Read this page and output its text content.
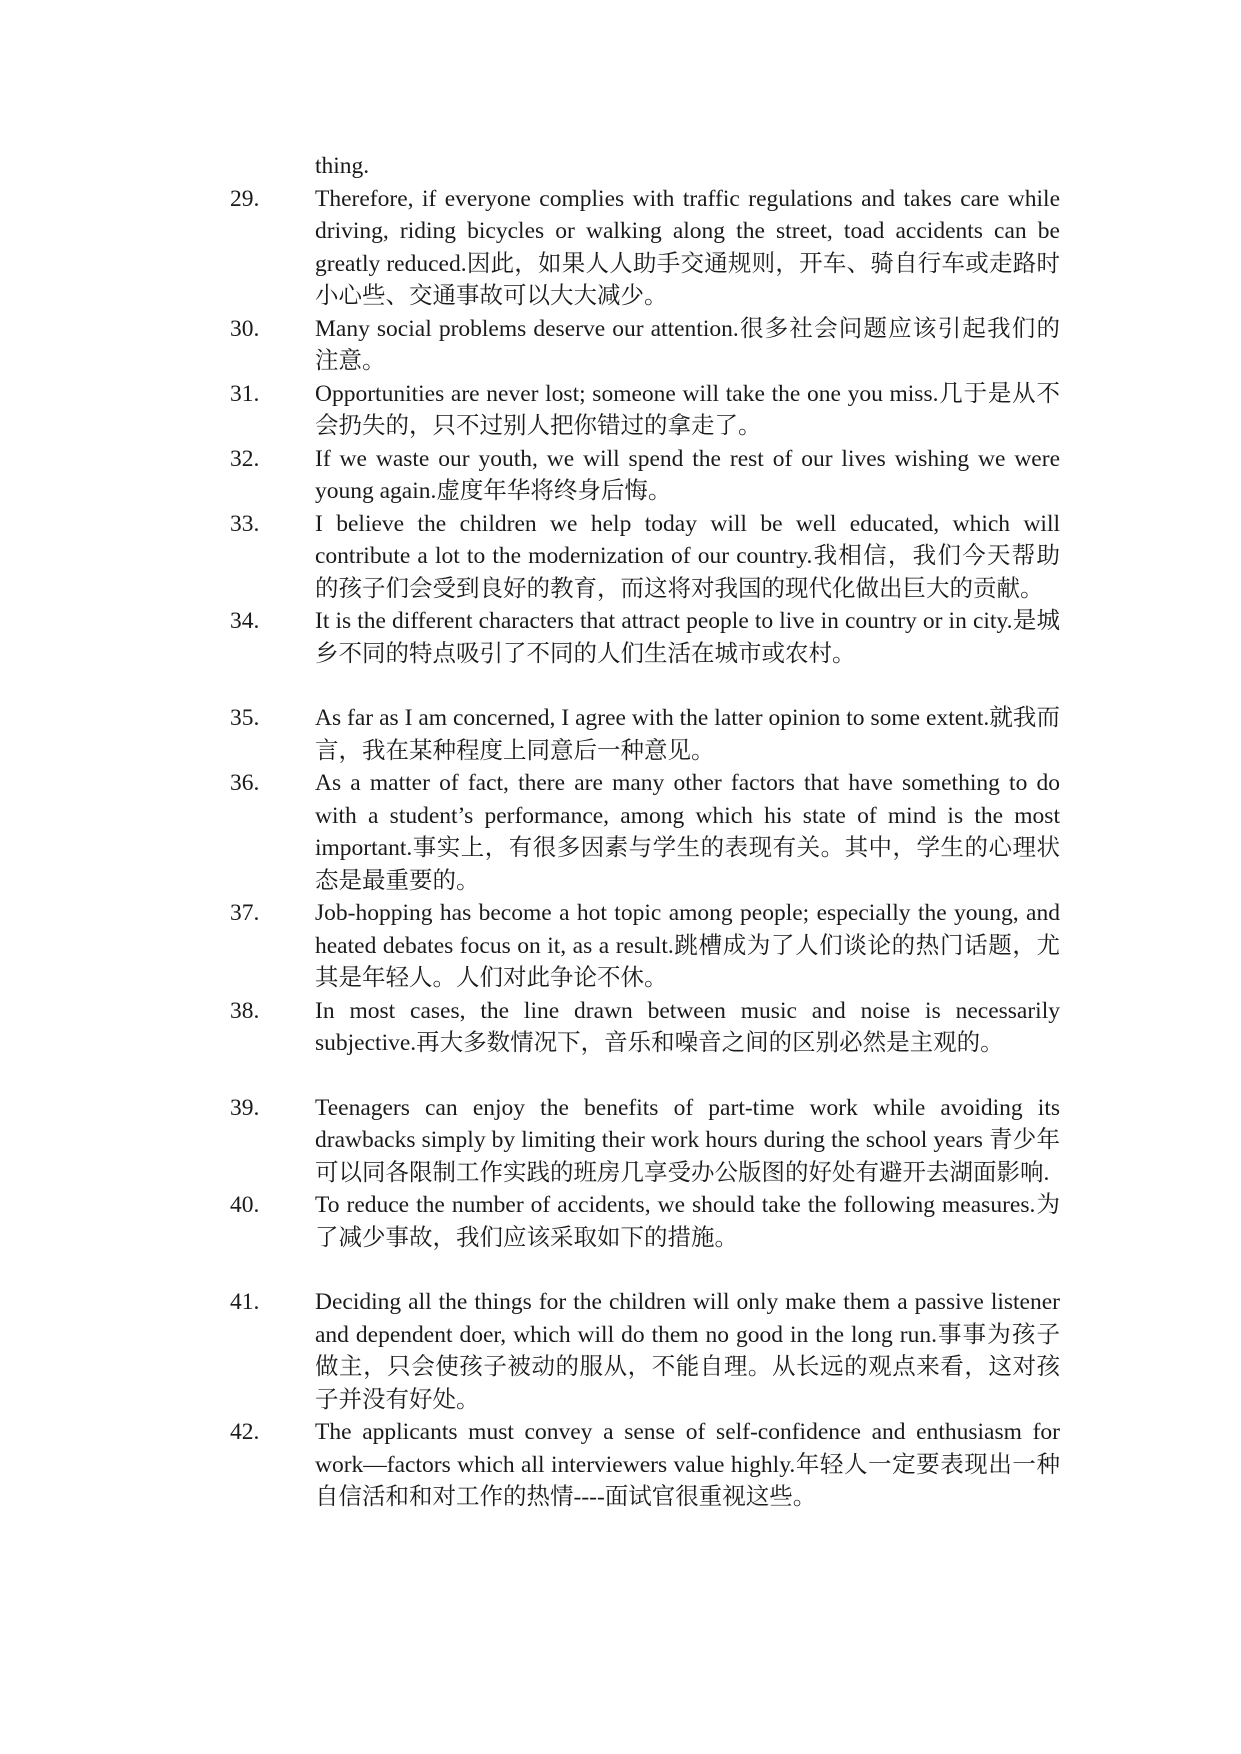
thing.
29.	Therefore, if everyone complies with traffic regulations and takes care while driving, riding bicycles or walking along the street, toad accidents can be greatly reduced.因此，如果人人助手交通规则，开车、骑自行车或走路时小心些、交通事故可以大大减少。
30.	Many social problems deserve our attention.很多社会问题应该引起我们的注意。
31.	Opportunities are never lost; someone will take the one you miss.几于是从不会扔失的，只不过别人把你错过的拿走了。
32.	If we waste our youth, we will spend the rest of our lives wishing we were young again.虚度年华将终身后悔。
33.	I believe the children we help today will be well educated, which will contribute a lot to the modernization of our country.我相信，我们今天帮助的孩子们会受到良好的教育，而这将对我国的现代化做出巨大的贡献。
34.	It is the different characters that attract people to live in country or in city.是城乡不同的特点吸引了不同的人们生活在城市或农村。
35.	As far as I am concerned, I agree with the latter opinion to some extent.就我而言，我在某种程度上同意后一种意见。
36.	As a matter of fact, there are many other factors that have something to do with a student’s performance, among which his state of mind is the most important.事实上，有很多因素与学生的表现有关。其中，学生的心理状态是最重要的。
37.	Job-hopping has become a hot topic among people; especially the young, and heated debates focus on it, as a result.跳槽成为了人们谈论的热门话题，尤其是年轻人。人们对此争论不休。
38.	In most cases, the line drawn between music and noise is necessarily subjective.再大多数情况下，音乐和噪音之间的区别必然是主观的。
39.	Teenagers can enjoy the benefits of part-time work while avoiding its drawbacks simply by limiting their work hours during the school years 青少年可以同各限制工作实践的班房几享受办公版图的好处有避开去湖面影响.
40.	To reduce the number of accidents, we should take the following measures.为了减少事故，我们应该采取如下的措施。
41.	Deciding all the things for the children will only make them a passive listener and dependent doer, which will do them no good in the long run.事事为孩子做主，只会使孩子被动的服从，不能自理。从长远的观点来看，这对孩子并没有好处。
42.	The applicants must convey a sense of self-confidence and enthusiasm for work—factors which all interviewers value highly.年轻人一定要表现出一种自信活和和对工作的热情----面试官很重视这些。
